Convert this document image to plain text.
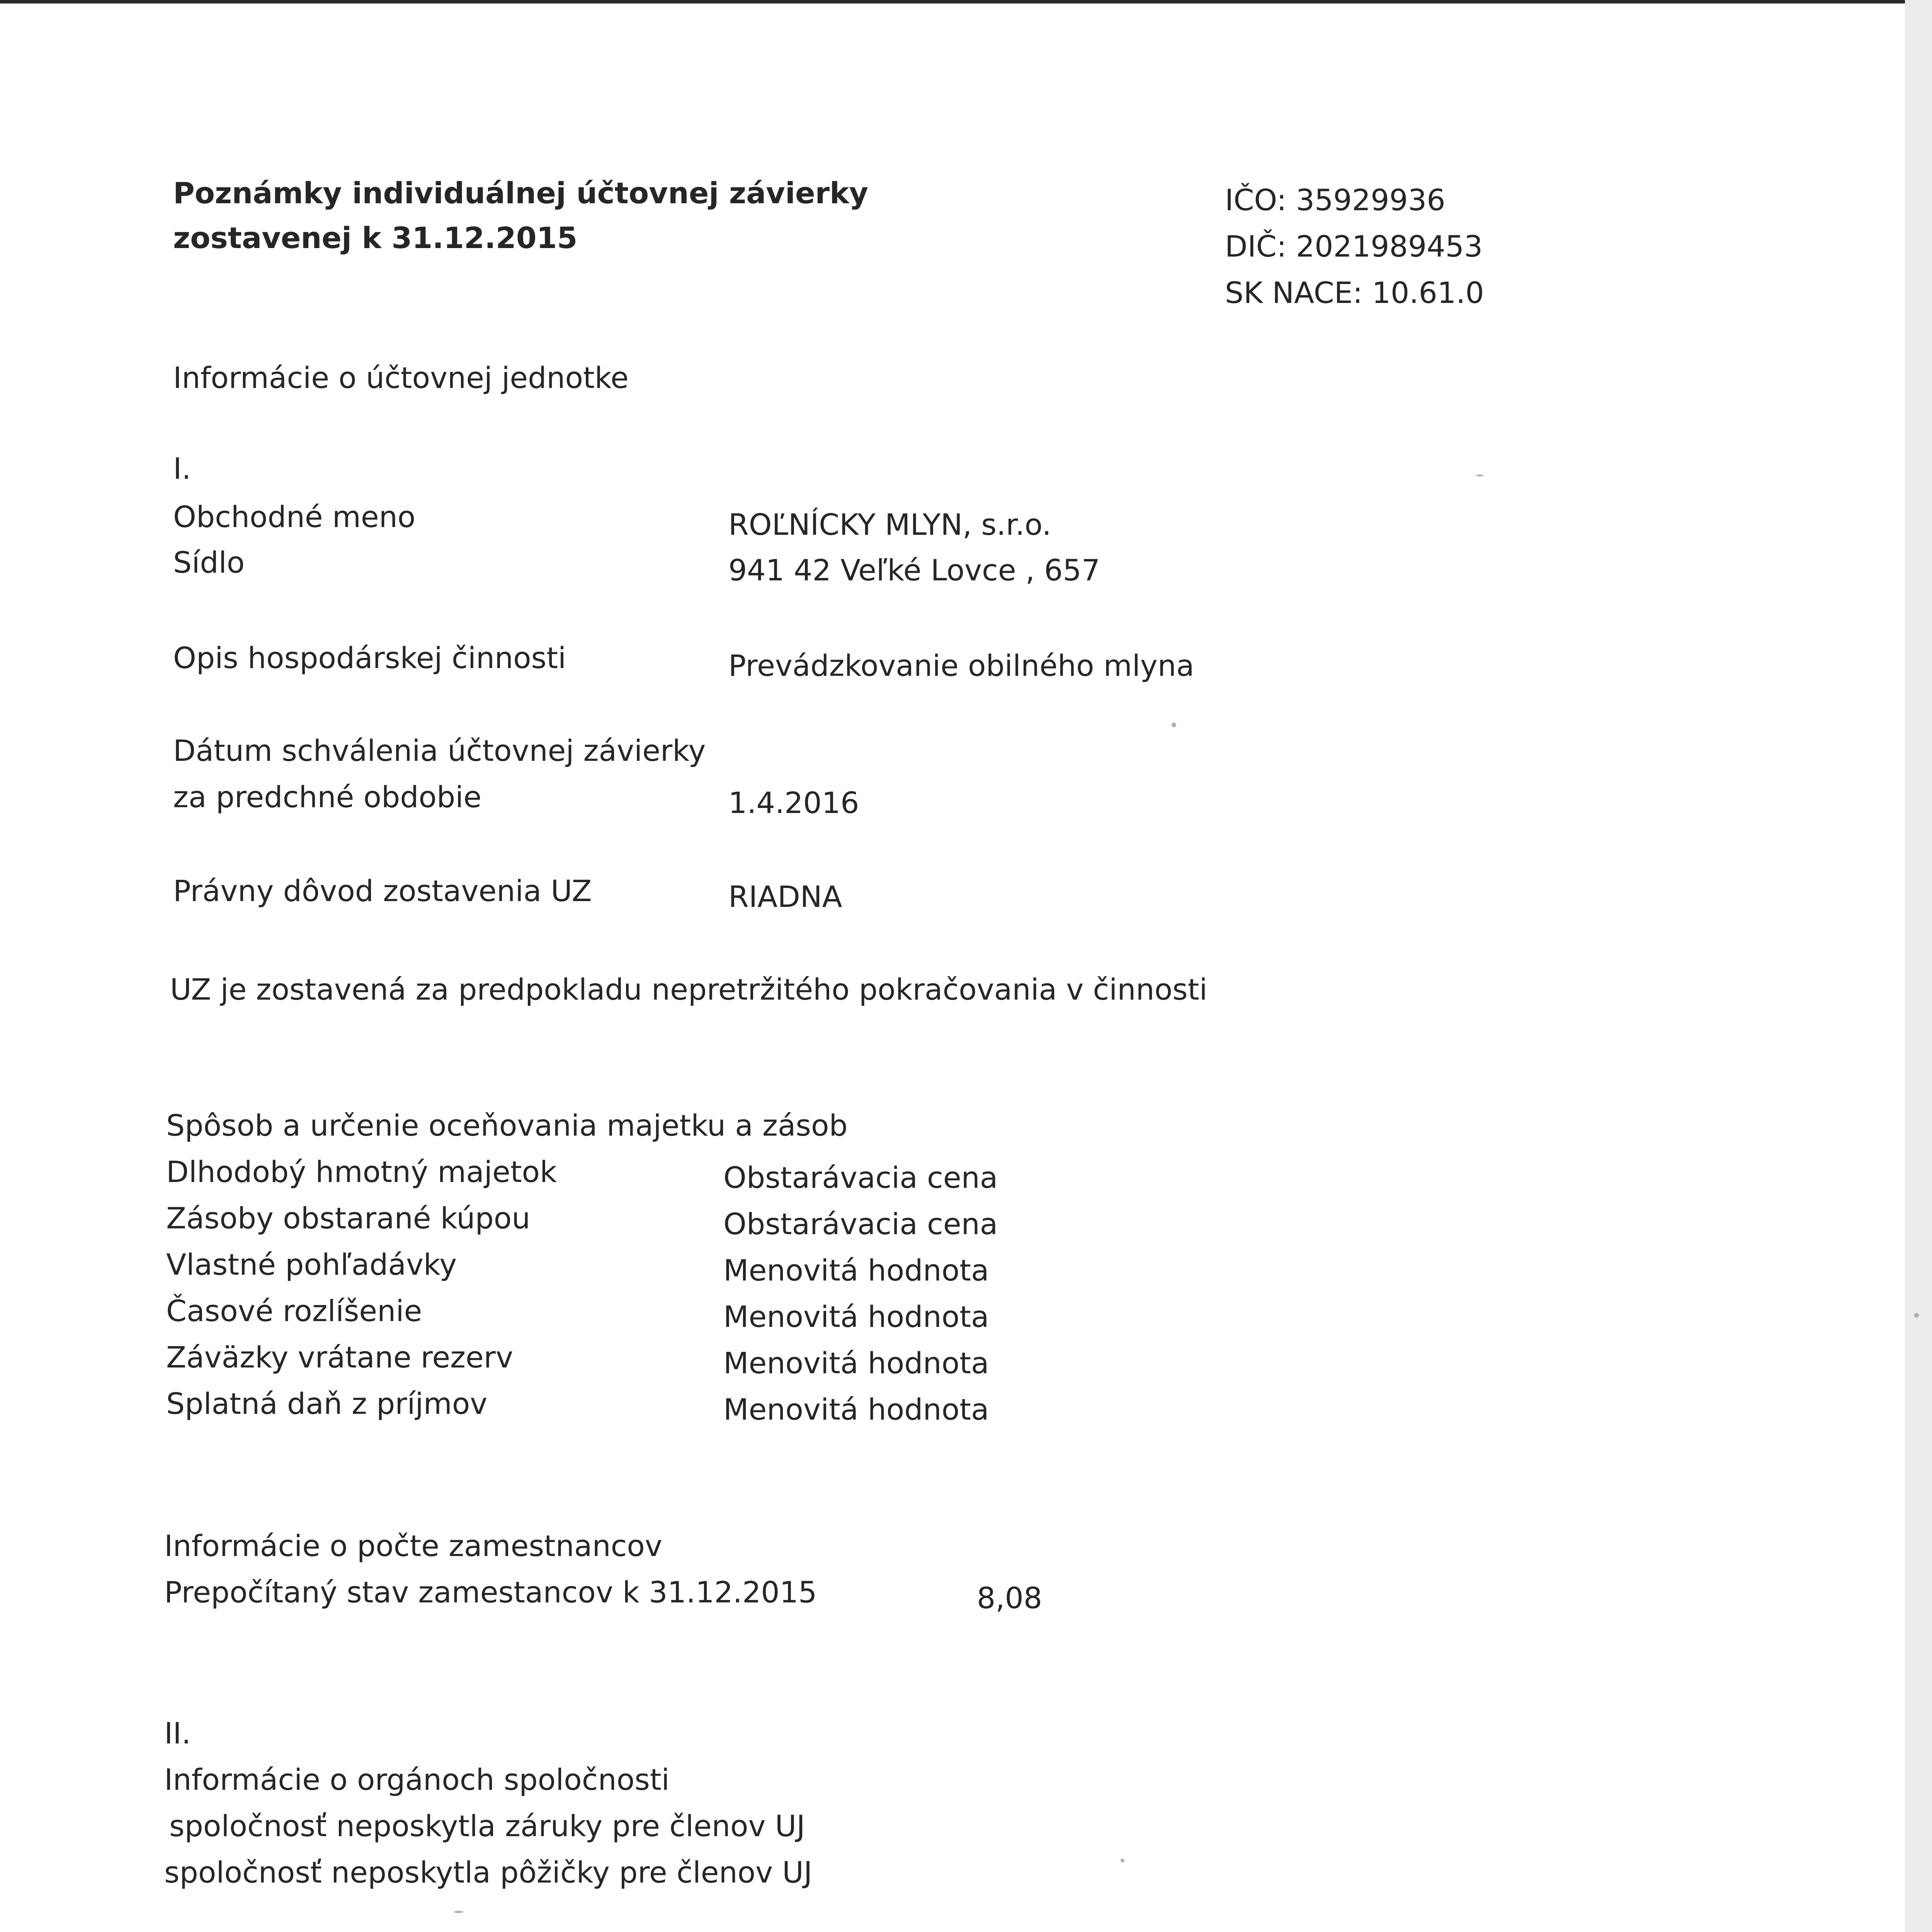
Poznámky individuálnej účtovnej závierky
zostavenej k 31.12.2015
IČO: 35929936
DIČ: 2021989453
SK NACE: 10.61.0
Informácie o účtovnej jednotke
I.
Obchodné meno	ROĽNÍCKY MLYN, s.r.o.
Sídlo	941 42 Veľké Lovce , 657
Opis hospodárskej činnosti	Prevádzkovanie obilného mlyna
Dátum schválenia účtovnej závierky
za predchné obdobie	1.4.2016
Právny dôvod zostavenia UZ	RIADNA
UZ je zostavená za predpokladu nepretržitého pokračovania v činnosti
Spôsob a určenie oceňovania majetku a zásob
Dlhodobý hmotný majetok	Obstarávacia cena
Zásoby obstarané kúpou	Obstarávacia cena
Vlastné pohľadávky	Menovitá hodnota
Časové rozlíšenie	Menovitá hodnota
Záväzky vrátane rezerv	Menovitá hodnota
Splatná daň z príjmov	Menovitá hodnota
Informácie o počte zamestnancov
Prepočítaný stav zamestancov k 31.12.2015	8,08
II.
Informácie o orgánoch spoločnosti
spoločnosť neposkytla záruky pre členov UJ
spoločnosť neposkytla pôžičky pre členov UJ
